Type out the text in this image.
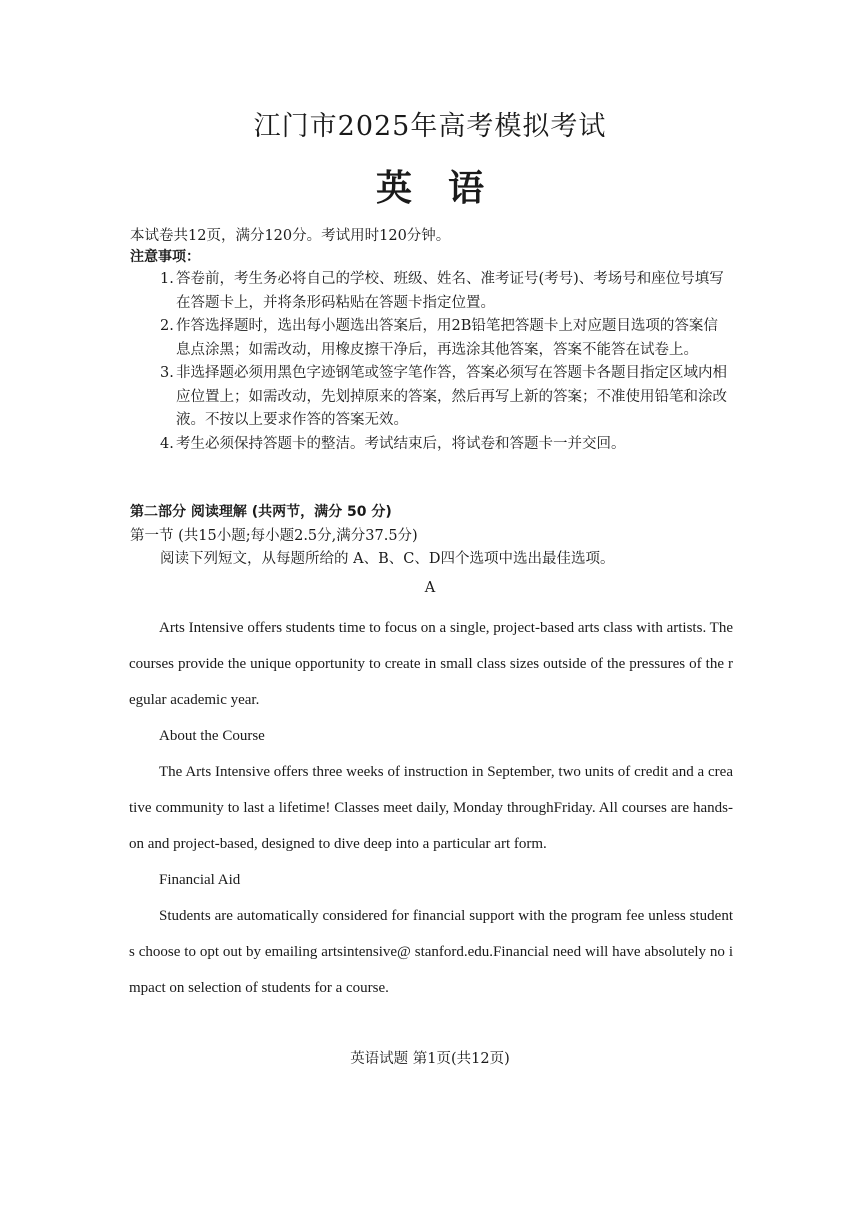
江门市2025年高考模拟考试
英语
本试卷共12页，满分120分。考试用时120分钟。
注意事项：
1. 答卷前，考生务必将自己的学校、班级、姓名、准考证号(考号)、考场号和座位号填写在答题卡上，并将条形码粘贴在答题卡指定位置。
2. 作答选择题时，选出每小题选出答案后，用2B铅笔把答题卡上对应题目选项的答案信息点涂黑；如需改动，用橡皮擦干净后，再选涂其他答案，答案不能答在试卷上。
3. 非选择题必须用黑色字迹钢笔或签字笔作答，答案必须写在答题卡各题目指定区域内相应位置上；如需改动，先划掉原来的答案，然后再写上新的答案；不准使用铅笔和涂改液。不按以上要求作答的答案无效。
4. 考生必须保持答题卡的整洁。考试结束后，将试卷和答题卡一并交回。
第二部分 阅读理解 (共两节，满分 50 分)
第一节 (共15小题;每小题2.5分,满分37.5分)
阅读下列短文，从每题所给的 A、B、C、D四个选项中选出最佳选项。
A

Arts Intensive offers students time to focus on a single, project-based arts class with artists. The courses provide the unique opportunity to create in small class sizes outside of the pressures of the regular academic year.

About the Course

The Arts Intensive offers three weeks of instruction in September, two units of credit and a creative community to last a lifetime! Classes meet daily, Monday throughFriday. All courses are hands-on and project-based, designed to dive deep into a particular art form.

Financial Aid

Students are automatically considered for financial support with the program fee unless students choose to opt out by emailing artsintensive@ stanford.edu.Financial need will have absolutely no impact on selection of students for a course.

英语试题 第1页(共12页)
